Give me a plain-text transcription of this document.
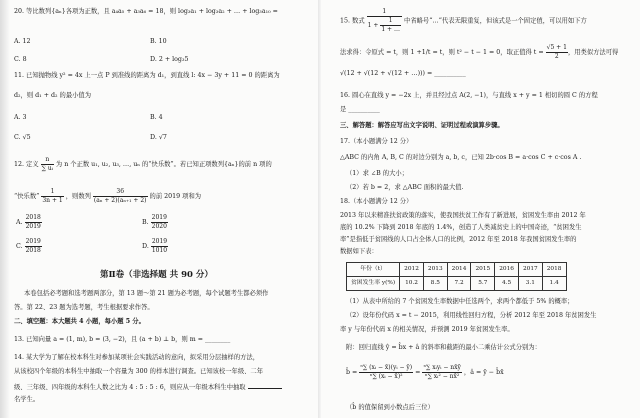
20. 等比数列{aₙ}各项为正数，且 a₄a₅ + a₃a₆ = 18，则 log₃a₁ + log₃a₂ + … + log₃a₁₀ =
A. 12	B. 10
C. 8	D. 2 + log₃5
11. 已知抛物线 y² = 4x 上一点 P 到准线的距离为 d₁，到直线 l: 4x − 3y + 11 = 0 的距离为
d₂，则 d₁ + d₂ 的最小值为
A. 3	B. 4
C. √5	D. √7
12. 定义 $\frac{n}{\text{∑ uᵢ}}$ 为 n 个正数 u₁, u₂, u₃, …, uₙ 的“快乐数”。若已知正项数列{aₙ}的前 n 项的
“快乐数” $\frac{1}{3n + 1}$ ，则数列 $\frac{36}{\text{(aₙ + 2)(aₙ₊₁ + 2)}}$ 的前 2019 项和为
A. $\frac{2018}{2019}$	B. $\frac{2019}{2020}$
C. $\frac{2019}{2018}$	D. $\frac{2019}{1010}$
第Ⅱ卷（非选择题 共 90 分）
本卷包括必考题和选考题两部分，第 13 题～第 21 题为必考题，每个试题考生都必须作
答。第 22、23 题为选考题，考生根据要求作答。
二、填空题：本大题共 4 小题，每小题 5 分。
13. 已知向量 a = (1, m), b = (3, −2)，且 (a + b) ⊥ b，则 m = ________
14. 某大学为了解在校本科生对参加某项社会实践活动的意向，拟采用分层抽样的方法，
从该校四个年级的本科生中抽取一个容量为 300 的样本进行调查。已知该校一年级、二年
级、三年级、四年级的本科生人数之比为 4 : 5 : 5 : 6，则应从一年级本科生中抽取
名学生。
15. 数式 $\frac{1}{1 + \frac{1}{1 + \dots}}$ 中省略号“…”代表无限重复，但该式是一个固定值，可以用如下方
法求得：令原式 = t，则 1 +1/t = t，则 t² − t − 1 = 0，取正值得 $t = \frac{√5 + 1}{2}$ ，用类似方法可得
√(12 + √(12 + √(12 + …))) = __________
16. 圆心在直线 y = −2x 上，并且经过点 A(2, −1)，与直线 x + y = 1 相切的圆 C 的方程
是 __________
三、解答题：解答应写出文字说明、证明过程或演算步骤。
17.（本小题满分 12 分）
△ABC 的内角 A, B, C 的对边分别为 a, b, c，已知 2b·cos B = a·cos C + c·cos A .
（1）求 ∠B 的大小；
（2）若 b = 2，求 △ABC 面积的最大值.
18.（本小题满分 12 分）
2013 年以来精准扶贫政策的落实，使我国扶贫工作有了新进展，贫困发生率由 2012 年
底的 10.2% 下降到 2018 年底的 1.4%，创造了人类减贫史上的中国奇迹，“贫困发生
率”是指低于贫困线的人口占全体人口的比例，2012 年至 2018 年我国贫困发生率的
数据如下表：
年份（t）	2012	2013	2014	2015	2016	2017	2018
贫困发生率 y(%)	10.2	8.5	7.2	5.7	4.5	3.1	1.4
（1）从表中所给的 7 个贫困发生率数据中任选两个，求两个都低于 5% 的概率；
（2）设年份代码 x = t − 2015，利用线性回归方程，分析 2012 年至 2018 年贫困发生
率 y 与年份代码 x 的相关情况，并预测 2019 年贫困发生率。
附：回归直线 ŷ = b̂x + â 的斜率和截距的最小二乘估计公式分别为：
b̂ = $\frac{\text{ⁿ∑ (xᵢ − x̄)(yᵢ − ȳ)}}{\text{ⁿ∑ (xᵢ − x̄)²}} = \frac{\text{ⁿ∑ xᵢyᵢ − nx̄ȳ}}{\text{ⁿ∑ xᵢ² − nx̄²}}$ ，â = ȳ − b̂x̄
（b̂ 的值保留到小数点后三位）
